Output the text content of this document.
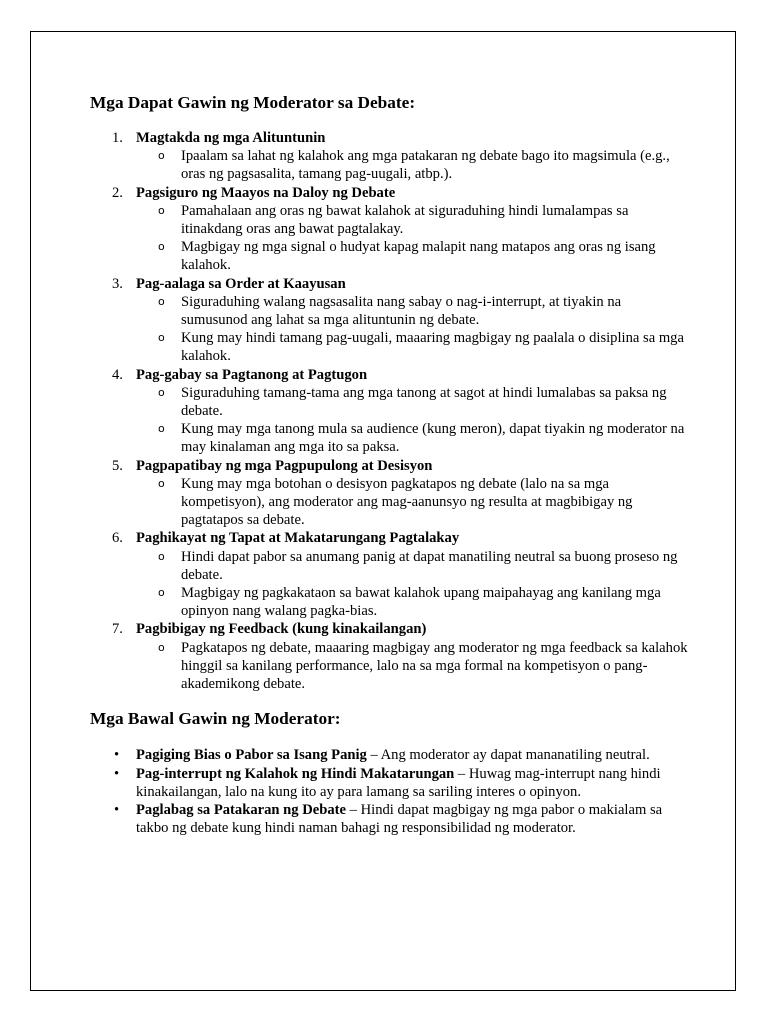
Mga Dapat Gawin ng Moderator sa Debate:
1. Magtakda ng mga Alituntunin
o Ipaalam sa lahat ng kalahok ang mga patakaran ng debate bago ito magsimula (e.g., oras ng pagsasalita, tamang pag-uugali, atbp.).
2. Pagsiguro ng Maayos na Daloy ng Debate
o Pamahalaan ang oras ng bawat kalahok at siguraduhing hindi lumalampas sa itinakdang oras ang bawat pagtalakay.
o Magbigay ng mga signal o hudyat kapag malapit nang matapos ang oras ng isang kalahok.
3. Pag-aalaga sa Order at Kaayusan
o Siguraduhing walang nagsasalita nang sabay o nag-i-interrupt, at tiyakin na sumusunod ang lahat sa mga alituntunin ng debate.
o Kung may hindi tamang pag-uugali, maaaring magbigay ng paalala o disiplina sa mga kalahok.
4. Pag-gabay sa Pagtanong at Pagtugon
o Siguraduhing tamang-tama ang mga tanong at sagot at hindi lumalabas sa paksa ng debate.
o Kung may mga tanong mula sa audience (kung meron), dapat tiyakin ng moderator na may kinalaman ang mga ito sa paksa.
5. Pagpapatibay ng mga Pagpupulong at Desisyon
o Kung may mga botohan o desisyon pagkatapos ng debate (lalo na sa mga kompetisyon), ang moderator ang mag-aanunsyo ng resulta at magbibigay ng pagtatapos sa debate.
6. Paghikayat ng Tapat at Makatarungang Pagtalakay
o Hindi dapat pabor sa anumang panig at dapat manatiling neutral sa buong proseso ng debate.
o Magbigay ng pagkakataon sa bawat kalahok upang maipahayag ang kanilang mga opinyon nang walang pagka-bias.
7. Pagbibigay ng Feedback (kung kinakailangan)
o Pagkatapos ng debate, maaaring magbigay ang moderator ng mga feedback sa kalahok hinggil sa kanilang performance, lalo na sa mga formal na kompetisyon o pang-akademikong debate.
Mga Bawal Gawin ng Moderator:
• Pagiging Bias o Pabor sa Isang Panig – Ang moderator ay dapat mananatiling neutral.
• Pag-interrupt ng Kalahok ng Hindi Makatarungan – Huwag mag-interrupt nang hindi kinakailangan, lalo na kung ito ay para lamang sa sariling interes o opinyon.
• Paglabag sa Patakaran ng Debate – Hindi dapat magbigay ng mga pabor o makialam sa takbo ng debate kung hindi naman bahagi ng responsibilidad ng moderator.
